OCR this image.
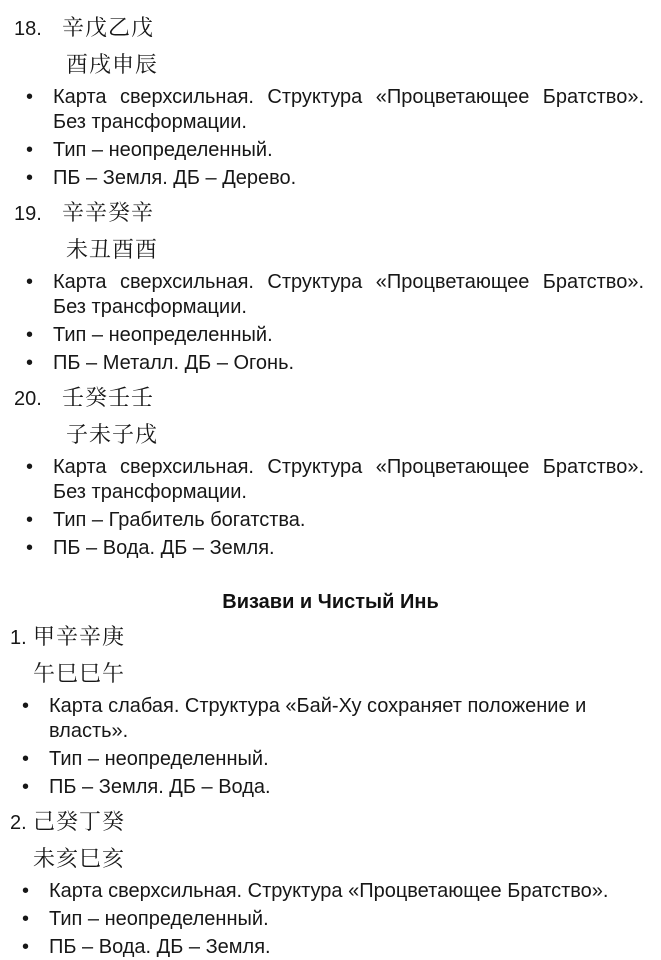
18. 辛戊乙戊
酉戌申辰
• Карта сверхсильная. Структура «Процветающее Братство». Без трансформации.
• Тип – неопределенный.
• ПБ – Земля. ДБ – Дерево.
19. 辛辛癸辛
未丑酉酉
• Карта сверхсильная. Структура «Процветающее Братство». Без трансформации.
• Тип – неопределенный.
• ПБ – Металл. ДБ – Огонь.
20. 壬癸壬壬
子未子戌
• Карта сверхсильная. Структура «Процветающее Братство». Без трансформации.
• Тип – Грабитель богатства.
• ПБ – Вода. ДБ – Земля.
Визави и Чистый Инь
1. 甲辛辛庚
午巳巳午
• Карта слабая. Структура «Бай-Ху сохраняет положение и власть».
• Тип – неопределенный.
• ПБ – Земля. ДБ – Вода.
2. 己癸丁癸
未亥巳亥
• Карта сверхсильная. Структура «Процветающее Братство».
• Тип – неопределенный.
• ПБ – Вода. ДБ – Земля.
